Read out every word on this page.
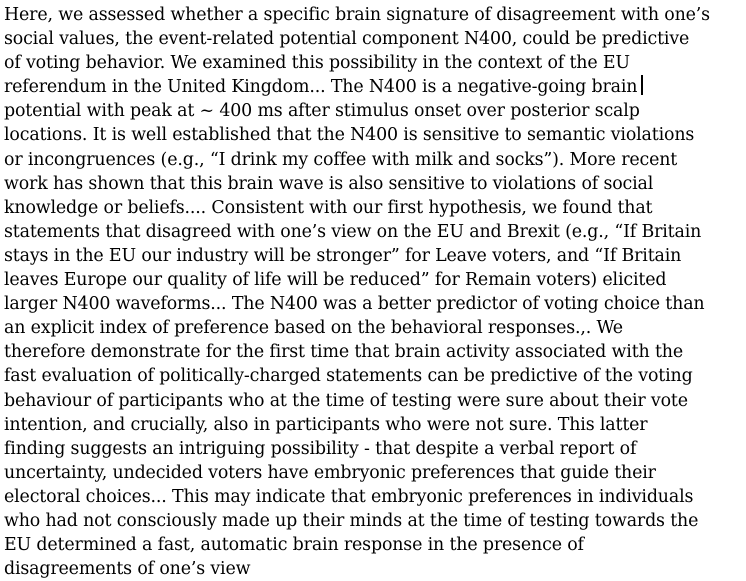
Here, we assessed whether a specific brain signature of disagreement with one’s
social values, the event-related potential component N400, could be predictive
of voting behavior. We examined this possibility in the context of the EU
referendum in the United Kingdom... The N400 is a negative-going brain
potential with peak at ~ 400 ms after stimulus onset over posterior scalp
locations. It is well established that the N400 is sensitive to semantic violations
or incongruences (e.g., “I drink my coffee with milk and socks”). More recent
work has shown that this brain wave is also sensitive to violations of social
knowledge or beliefs.... Consistent with our first hypothesis, we found that
statements that disagreed with one’s view on the EU and Brexit (e.g., “If Britain
stays in the EU our industry will be stronger” for Leave voters, and “If Britain
leaves Europe our quality of life will be reduced” for Remain voters) elicited
larger N400 waveforms... The N400 was a better predictor of voting choice than
an explicit index of preference based on the behavioral responses.,. We
therefore demonstrate for the first time that brain activity associated with the
fast evaluation of politically-charged statements can be predictive of the voting
behaviour of participants who at the time of testing were sure about their vote
intention, and crucially, also in participants who were not sure. This latter
finding suggests an intriguing possibility - that despite a verbal report of
uncertainty, undecided voters have embryonic preferences that guide their
electoral choices... This may indicate that embryonic preferences in individuals
who had not consciously made up their minds at the time of testing towards the
EU determined a fast, automatic brain response in the presence of
disagreements of one’s view
